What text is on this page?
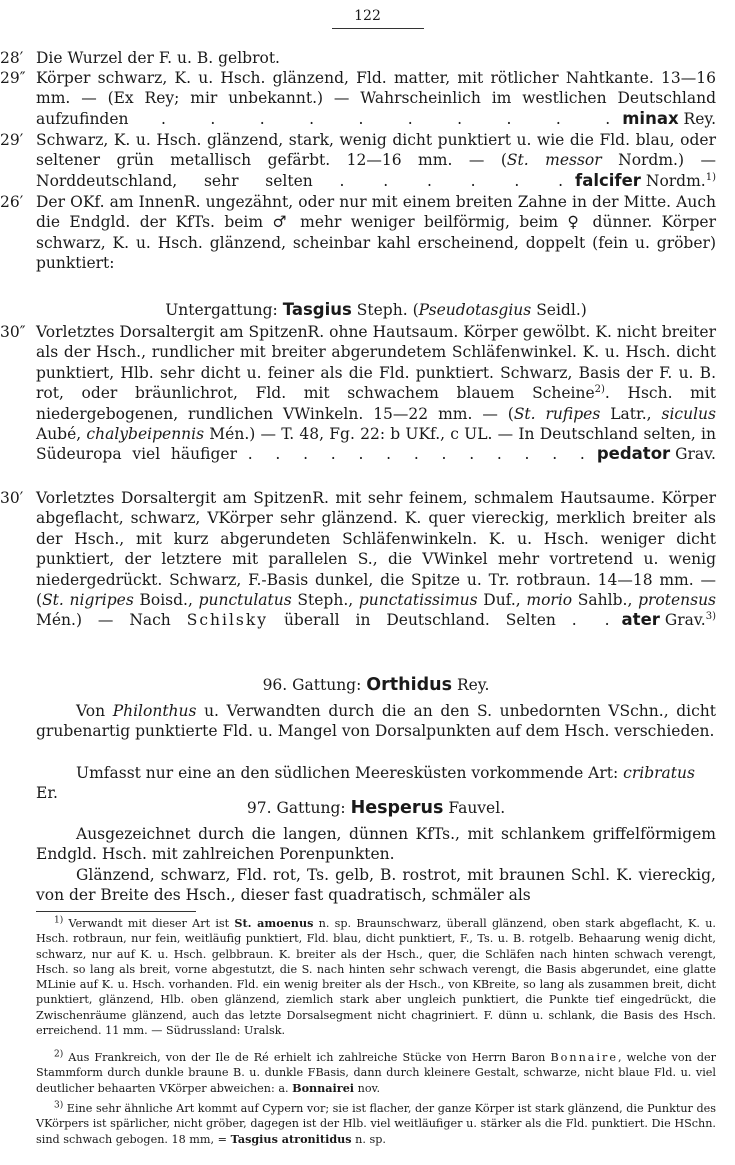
122
28′ Die Wurzel der F. u. B. gelbrot.

29″ Körper schwarz, K. u. Hsch. glänzend, Fld. matter, mit rötlicher Nahtkante. 13—16 mm. — (Ex Rey; mir unbekannt.) — Wahrscheinlich im westlichen Deutschland aufzufinden . . . . . . . . . . minax Rey.

29′ Schwarz, K. u. Hsch. glänzend, stark, wenig dicht punktiert u. wie die Fld. blau, oder seltener grün metallisch gefärbt. 12—16 mm. — (St. messor Nordm.) — Norddeutschland, sehr selten . . . . . . falcifer Nordm.$^{1)}$

26′ Der OKf. am InnenR. ungezähnt, oder nur mit einem breiten Zahne in der Mitte. Auch die Endgld. der KfTs. beim ♂ mehr weniger beilförmig, beim ♀ dünner. Körper schwarz, K. u. Hsch. glänzend, scheinbar kahl erscheinend, doppelt (fein u. gröber) punktiert:

Untergattung: Tasgius Steph. (Pseudotasgius Seidl.)
30″ Vorletztes Dorsaltergit am SpitzenR. ohne Hautsaum. Körper gewölbt. K. nicht breiter als der Hsch., rundlicher mit breiter abgerundetem Schläfenwinkel. K. u. Hsch. dicht punktiert, Hlb. sehr dicht u. feiner als die Fld. punktiert. Schwarz, Basis der F. u. B. rot, oder bräunlichrot, Fld. mit schwachem blauem Scheine$^{2)}$. Hsch. mit niedergebogenen, rundlichen VWinkeln. 15—22 mm. — (St. rufipes Latr., siculus Aubé, chalybeipennis Mén.) — T. 48, Fg. 22: b UKf., c UL. — In Deutschland selten, in Südeuropa viel häufiger . . . . . . . . . . . . . pedator Grav.

30′ Vorletztes Dorsaltergit am SpitzenR. mit sehr feinem, schmalem Hautsaume. Körper abgeflacht, schwarz, VKörper sehr glänzend. K. quer viereckig, merklich breiter als der Hsch., mit kurz abgerundeten Schläfenwinkeln. K. u. Hsch. weniger dicht punktiert, der letztere mit parallelen S., die VWinkel mehr vortretend u. wenig niedergedrückt. Schwarz, F.-Basis dunkel, die Spitze u. Tr. rotbraun. 14—18 mm. — (St. nigripes Boisd., punctulatus Steph., punctatissimus Duf., morio Sahlb., protensus Mén.) — Nach Schilsky überall in Deutschland. Selten . . ater Grav.$^{3)}$

96. Gattung: Orthidus Rey.
Von Philonthus u. Verwandten durch die an den S. unbedornten VSchn., dicht grubenartig punktierte Fld. u. Mangel von Dorsalpunkten auf dem Hsch. verschieden.
Umfasst nur eine an den südlichen Meeresküsten vorkommende Art: cribratus Er.
97. Gattung: Hesperus Fauvel.
Ausgezeichnet durch die langen, dünnen KfTs., mit schlankem griffelförmigem Endgld. Hsch. mit zahlreichen Porenpunkten.
Glänzend, schwarz, Fld. rot, Ts. gelb, B. rostrot, mit braunen Schl. K. viereckig, von der Breite des Hsch., dieser fast quadratisch, schmäler als
$^{1)}$ Verwandt mit dieser Art ist St. amoenus n. sp. Braunschwarz, überall glänzend, oben stark abgeflacht, K. u. Hsch. rotbraun, nur fein, weitläufig punktiert, Fld. blau, dicht punktiert, F., Ts. u. B. rotgelb. Behaarung wenig dicht, schwarz, nur auf K. u. Hsch. gelbbraun. K. breiter als der Hsch., quer, die Schläfen nach hinten schwach verengt, Hsch. so lang als breit, vorne abgestutzt, die S. nach hinten sehr schwach verengt, die Basis abgerundet, eine glatte MLinie auf K. u. Hsch. vorhanden. Fld. ein wenig breiter als der Hsch., von KBreite, so lang als zusammen breit, dicht punktiert, glänzend, Hlb. oben glänzend, ziemlich stark aber ungleich punktiert, die Punkte tief eingedrückt, die Zwischenräume glänzend, auch das letzte Dorsalsegment nicht chagriniert. F. dünn u. schlank, die Basis des Hsch. erreichend. 11 mm. — Südrussland: Uralsk.
$^{2)}$ Aus Frankreich, von der Ile de Ré erhielt ich zahlreiche Stücke von Herrn Baron Bonnaire, welche von der Stammform durch dunkle braune B. u. dunkle FBasis, dann durch kleinere Gestalt, schwarze, nicht blaue Fld. u. viel deutlicher behaarten VKörper abweichen: a. Bonnairei nov.
$^{3)}$ Eine sehr ähnliche Art kommt auf Cypern vor; sie ist flacher, der ganze Körper ist stark glänzend, die Punktur des VKörpers ist spärlicher, nicht gröber, dagegen ist der Hlb. viel weitläufiger u. stärker als die Fld. punktiert. Die HSchn. sind schwach gebogen. 18 mm, = Tasgius atronitidus n. sp.
